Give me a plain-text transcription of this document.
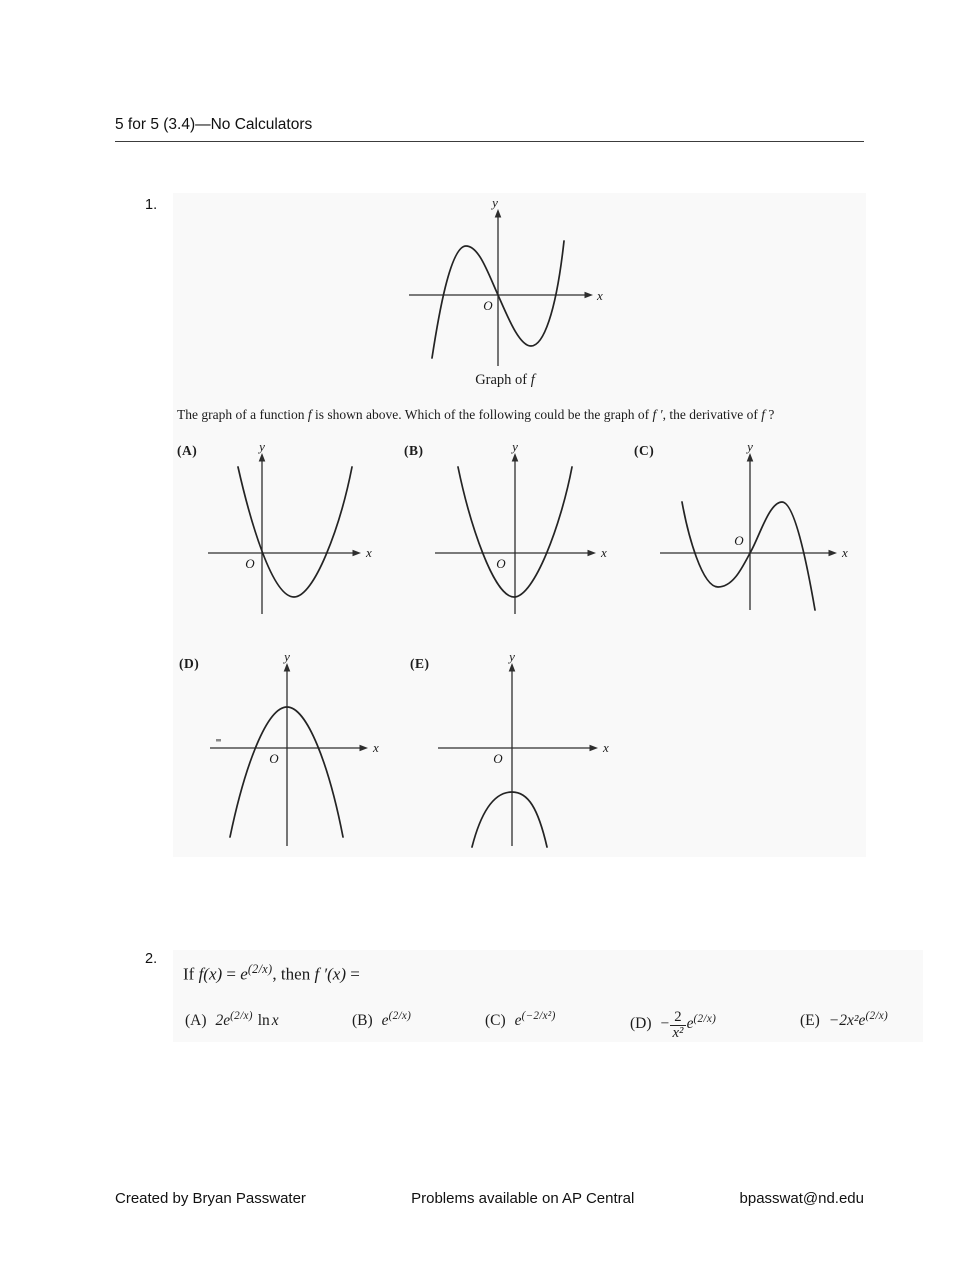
5 for 5 (3.4)—No Calculators
1.	y
x
O
Graph of f
The graph of a function f is shown above. Which of the following could be the graph of f ′, the derivative of f ?
(A)	y
x
O
(B)	y
x
O
(C)	y
x
O
(D)	y
x
O
(E)	y
x
O
2.
If $f(x) = e^{(2/x)}$, then f ′(x) =
(A) $2e^{(2/x)}$ ln x	(B) $e^{(2/x)}$	(C) $e^{(-2/x^2)}$	$(D) - \frac{2}{\text{x²}} e^{(2/x)}$	$(E) -2x^2e^{(2/x)}$
Created by Bryan Passwater	Problems available on AP Central	bpasswat@nd.edu
